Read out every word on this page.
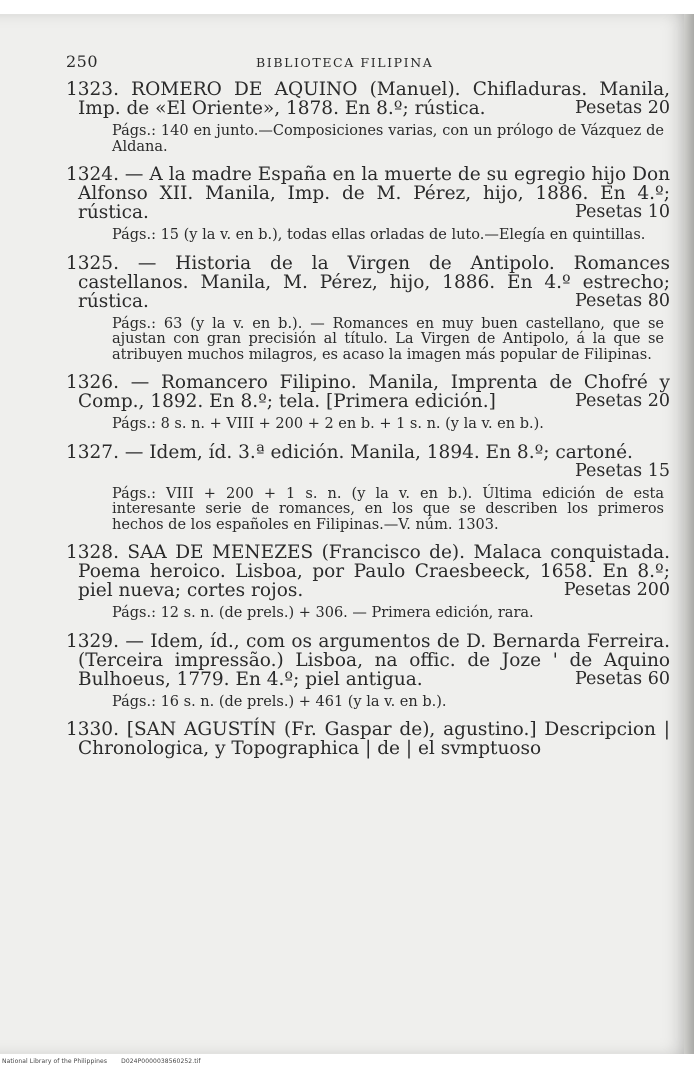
250	BIBLIOTECA FILIPINA
1323. ROMERO DE AQUINO (Manuel). Chifladuras. Manila, Imp. de «El Oriente», 1878. En 8.º; rústica.	Pesetas 20
Págs.: 140 en junto.—Composiciones varias, con un prólogo de Vázquez de Aldana.
1324. — A la madre España en la muerte de su egregio hijo Don Alfonso XII. Manila, Imp. de M. Pérez, hijo, 1886. En 4.º; rústica.	Pesetas 10
Págs.: 15 (y la v. en b.), todas ellas orladas de luto.—Elegía en quintillas.
1325. — Historia de la Virgen de Antipolo. Romances castellanos. Manila, M. Pérez, hijo, 1886. En 4.º estrecho; rústica.	Pesetas 80
Págs.: 63 (y la v. en b.). — Romances en muy buen castellano, que se ajustan con gran precisión al título. La Virgen de Antipolo, á la que se atribuyen muchos milagros, es acaso la imagen más popular de Filipinas.
1326. — Romancero Filipino. Manila, Imprenta de Chofré y Comp., 1892. En 8.º; tela. [Primera edición.]	Pesetas 20
Págs.: 8 s. n. + VIII + 200 + 2 en b. + 1 s. n. (y la v. en b.).
1327. — Idem, íd. 3.ª edición. Manila, 1894. En 8.º; cartoné.
Pesetas 15
Págs.: VIII + 200 + 1 s. n. (y la v. en b.). Última edición de esta interesante serie de romances, en los que se describen los primeros hechos de los españoles en Filipinas.—V. núm. 1303.
1328. SAA DE MENEZES (Francisco de). Malaca conquistada. Poema heroico. Lisboa, por Paulo Craesbeeck, 1658. En 8.º; piel nueva; cortes rojos.	Pesetas 200
Págs.: 12 s. n. (de prels.) + 306. — Primera edición, rara.
1329. — Idem, íd., com os argumentos de D. Bernarda Ferreira. (Terceira impressão.) Lisboa, na offic. de Joze ' de Aquino Bulhoeus, 1779. En 4.º; piel antigua.	Pesetas 60
Págs.: 16 s. n. (de prels.) + 461 (y la v. en b.).
1330. [SAN AGUSTÍN (Fr. Gaspar de), agustino.] Descripcion | Chronologica, y Topographica | de | el svmptuoso
National Library of the Philippines D024P0000038560252.tif
